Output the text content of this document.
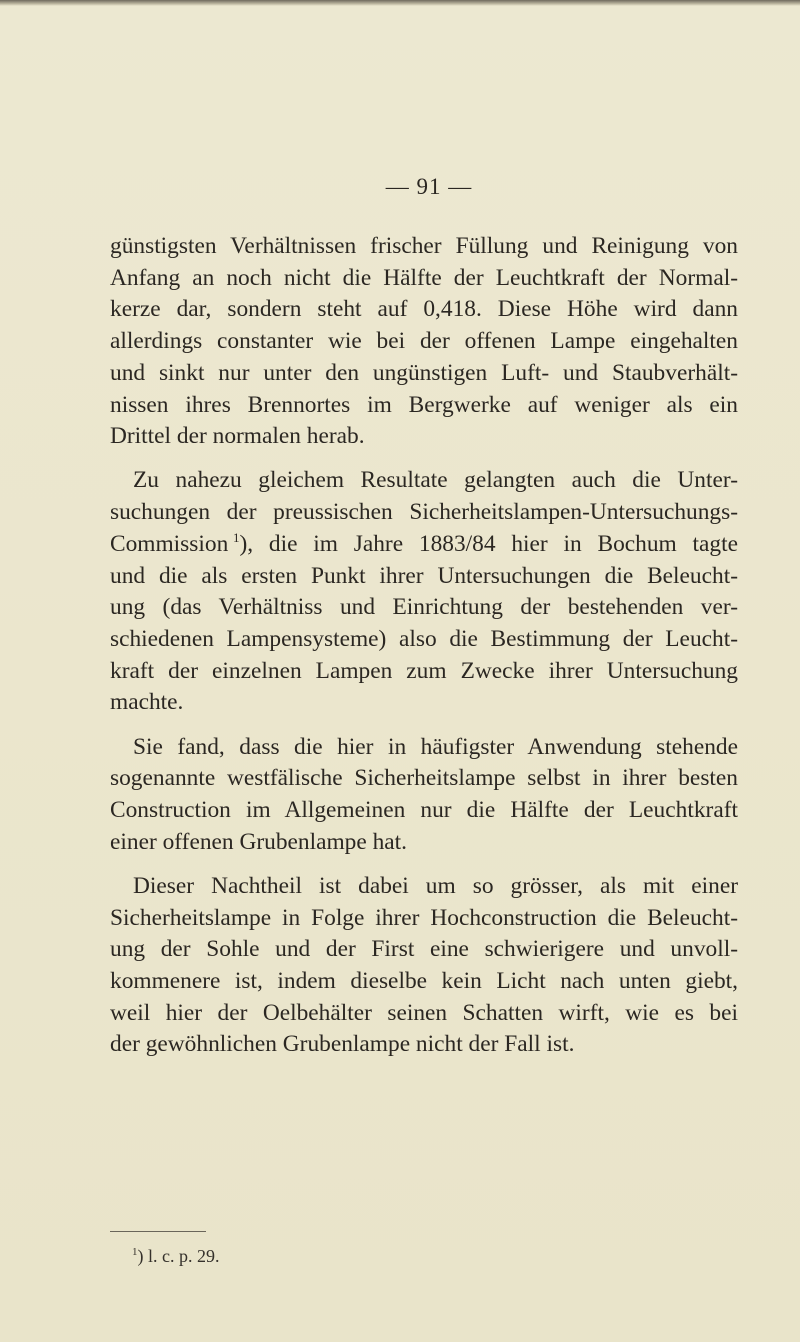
— 91 —

günstigsten Verhältnissen frischer Füllung und Reinigung von
Anfang an noch nicht die Hälfte der Leuchtkraft der Normal-
kerze dar, sondern steht auf 0,418. Diese Höhe wird dann
allerdings constanter wie bei der offenen Lampe eingehalten
und sinkt nur unter den ungünstigen Luft- und Staubverhält-
nissen ihres Brennortes im Bergwerke auf weniger als ein
Drittel der normalen herab.

Zu nahezu gleichem Resultate gelangten auch die Unter-
suchungen der preussischen Sicherheitslampen-Untersuchungs-
Commission  $^1$), die im Jahre 1883/84 hier in Bochum tagte
und die als ersten Punkt ihrer Untersuchungen die Beleucht-
ung (das Verhältniss und Einrichtung der bestehenden ver-
schiedenen Lampensysteme) also die Bestimmung der Leucht-
kraft der einzelnen Lampen zum Zwecke ihrer Untersuchung
machte.

Sie fand, dass die hier in häufigster Anwendung stehende
sogenannte westfälische Sicherheitslampe selbst in ihrer besten
Construction im Allgemeinen nur die Hälfte der Leuchtkraft
einer offenen Grubenlampe hat.

Dieser Nachtheil ist dabei um so grösser, als mit einer
Sicherheitslampe in Folge ihrer Hochconstruction die Beleucht-
ung der Sohle und der First eine schwierigere und unvoll-
kommenere ist, indem dieselbe kein Licht nach unten giebt,
weil hier der Oelbehälter seinen Schatten wirft, wie es bei
der gewöhnlichen Grubenlampe nicht der Fall ist.

$^1$) l. c. p. 29.
